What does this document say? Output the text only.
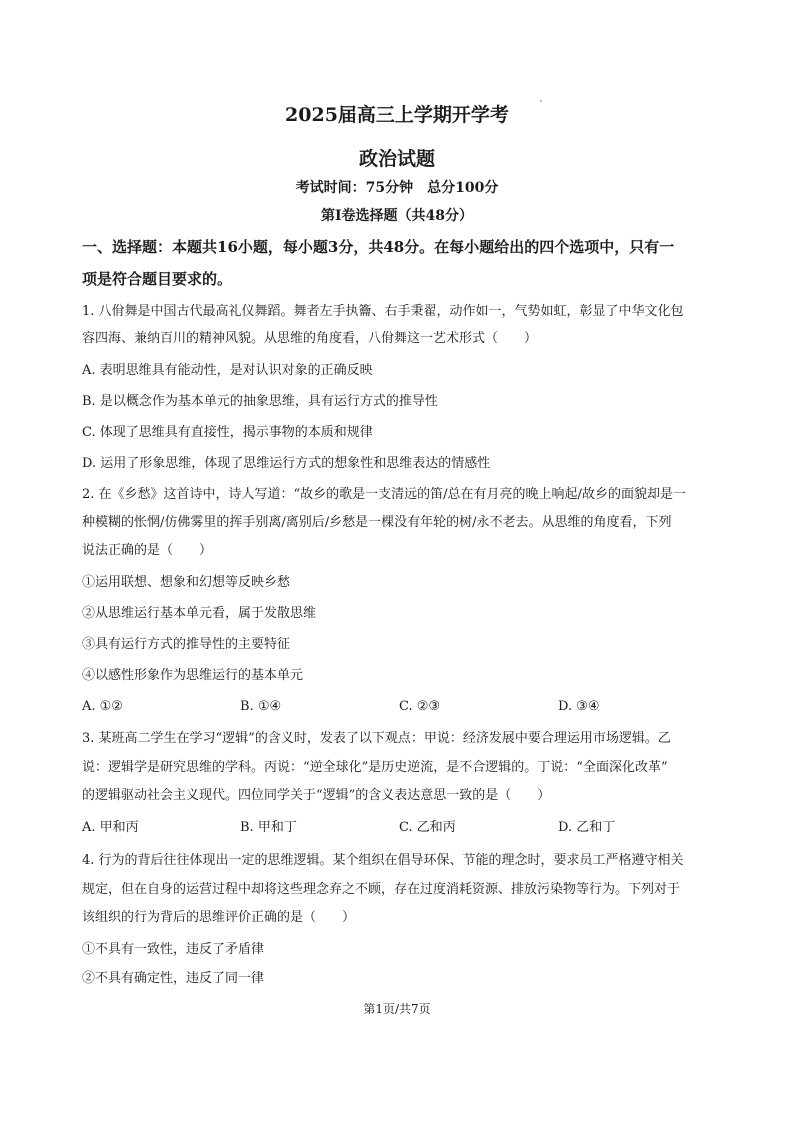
2025届高三上学期开学考
政治试题
考试时间：75分钟　总分100分
第Ⅰ卷选择题（共48分）
一、选择题：本题共16小题，每小题3分，共48分。在每小题给出的四个选项中，只有一
项是符合题目要求的。
1. 八佾舞是中国古代最高礼仪舞蹈。舞者左手执籥、右手秉翟，动作如一，气势如虹，彰显了中华文化包
容四海、兼纳百川的精神风貌。从思维的角度看，八佾舞这一艺术形式（　　）
A. 表明思维具有能动性，是对认识对象的正确反映
B. 是以概念作为基本单元的抽象思维，具有运行方式的推导性
C. 体现了思维具有直接性，揭示事物的本质和规律
D. 运用了形象思维，体现了思维运行方式的想象性和思维表达的情感性
2. 在《乡愁》这首诗中，诗人写道：“故乡的歌是一支清远的笛/总在有月亮的晚上响起/故乡的面貌却是一
种模糊的怅惘/仿佛雾里的挥手别离/离别后/乡愁是一棵没有年轮的树/永不老去。从思维的角度看，下列
说法正确的是（　　）
①运用联想、想象和幻想等反映乡愁
②从思维运行基本单元看，属于发散思维
③具有运行方式的推导性的主要特征
④以感性形象作为思维运行的基本单元
A. ①②	B. ①④	C. ②③	D. ③④
3. 某班高二学生在学习“逻辑”的含义时，发表了以下观点：甲说：经济发展中要合理运用市场逻辑。乙
说：逻辑学是研究思维的学科。丙说：“逆全球化”是历史逆流，是不合逻辑的。丁说：“全面深化改革”
的逻辑驱动社会主义现代。四位同学关于“逻辑”的含义表达意思一致的是（　　）
A. 甲和丙	B. 甲和丁	C. 乙和丙	D. 乙和丁
4. 行为的背后往往体现出一定的思维逻辑。某个组织在倡导环保、节能的理念时，要求员工严格遵守相关
规定，但在自身的运营过程中却将这些理念弃之不顾，存在过度消耗资源、排放污染物等行为。下列对于
该组织的行为背后的思维评价正确的是（　　）
①不具有一致性，违反了矛盾律
②不具有确定性，违反了同一律
第1页/共7页
